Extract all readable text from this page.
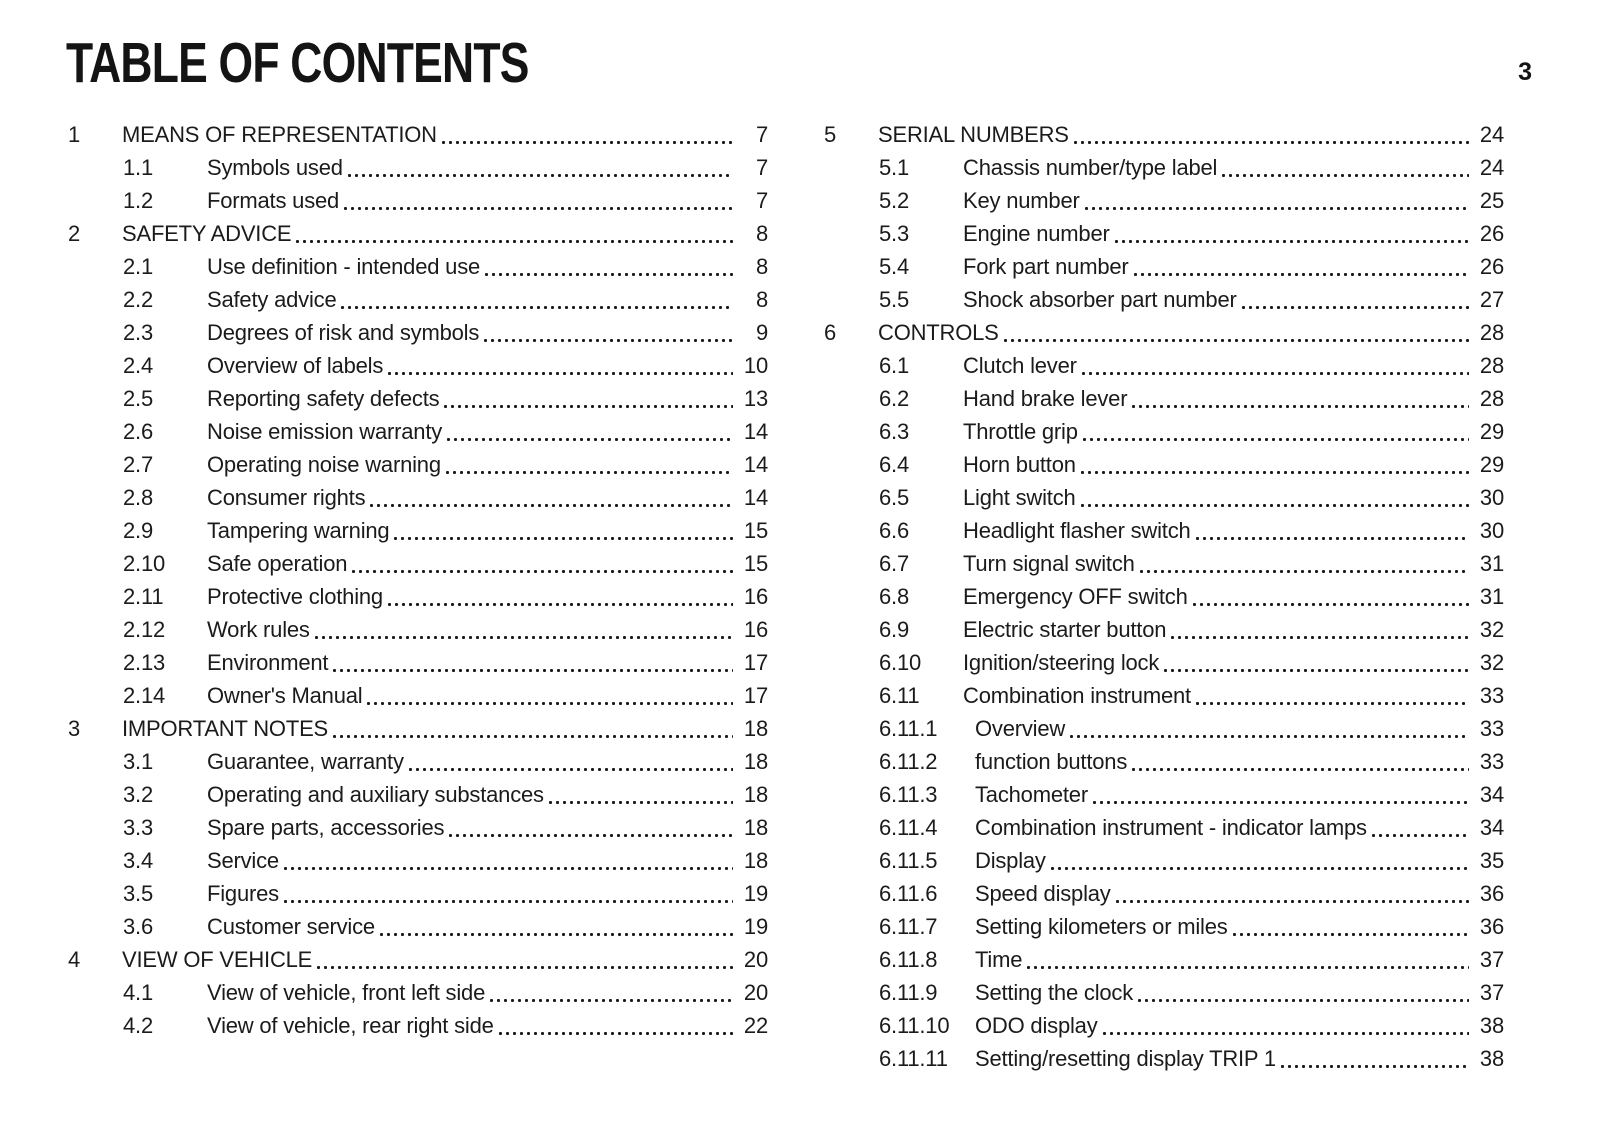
TABLE OF CONTENTS	3
1	MEANS OF REPRESENTATION	7
1.1	Symbols used	7
1.2	Formats used	7
2	SAFETY ADVICE	8
2.1	Use definition - intended use	8
2.2	Safety advice	8
2.3	Degrees of risk and symbols	9
2.4	Overview of labels	10
2.5	Reporting safety defects	13
2.6	Noise emission warranty	14
2.7	Operating noise warning	14
2.8	Consumer rights	14
2.9	Tampering warning	15
2.10	Safe operation	15
2.11	Protective clothing	16
2.12	Work rules	16
2.13	Environment	17
2.14	Owner's Manual	17
3	IMPORTANT NOTES	18
3.1	Guarantee, warranty	18
3.2	Operating and auxiliary substances	18
3.3	Spare parts, accessories	18
3.4	Service	18
3.5	Figures	19
3.6	Customer service	19
4	VIEW OF VEHICLE	20
4.1	View of vehicle, front left side	20
4.2	View of vehicle, rear right side	22
5	SERIAL NUMBERS	24
5.1	Chassis number/type label	24
5.2	Key number	25
5.3	Engine number	26
5.4	Fork part number	26
5.5	Shock absorber part number	27
6	CONTROLS	28
6.1	Clutch lever	28
6.2	Hand brake lever	28
6.3	Throttle grip	29
6.4	Horn button	29
6.5	Light switch	30
6.6	Headlight flasher switch	30
6.7	Turn signal switch	31
6.8	Emergency OFF switch	31
6.9	Electric starter button	32
6.10	Ignition/steering lock	32
6.11	Combination instrument	33
6.11.1	Overview	33
6.11.2	function buttons	33
6.11.3	Tachometer	34
6.11.4	Combination instrument - indicator lamps	34
6.11.5	Display	35
6.11.6	Speed display	36
6.11.7	Setting kilometers or miles	36
6.11.8	Time	37
6.11.9	Setting the clock	37
6.11.10	ODO display	38
6.11.11	Setting/resetting display TRIP 1	38
